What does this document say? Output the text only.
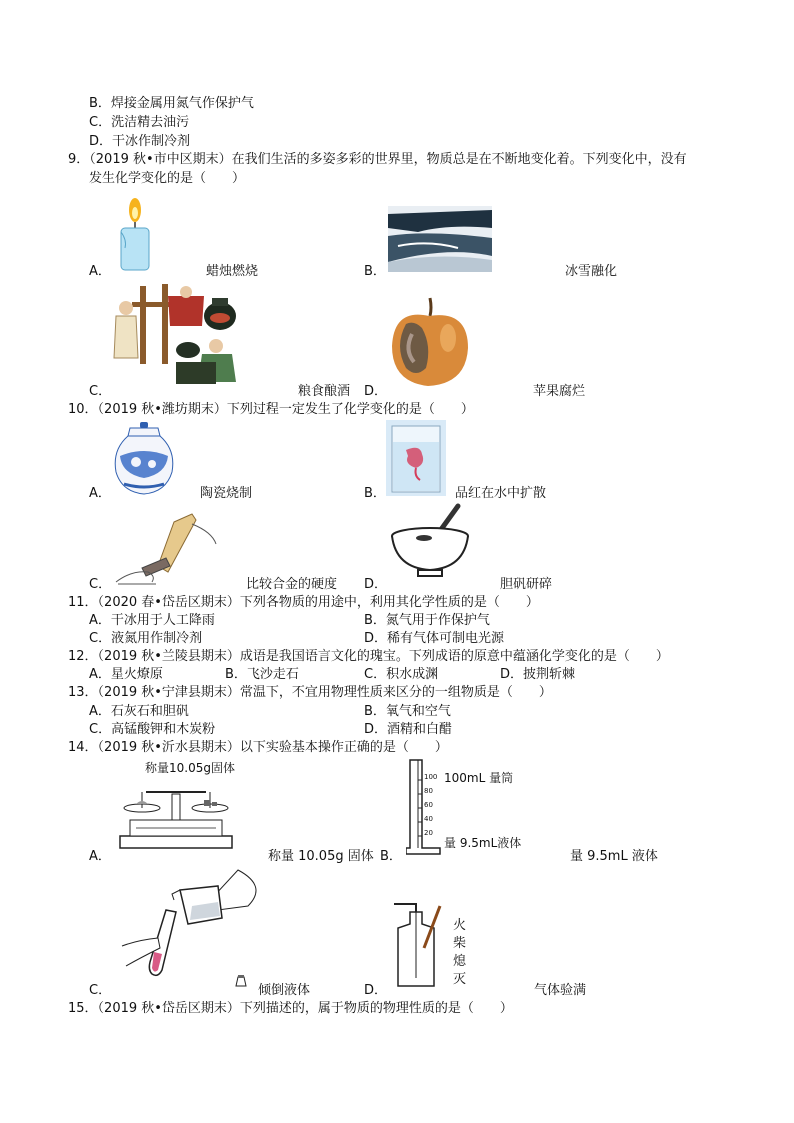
B．焊接金属用氮气作保护气
C．洗洁精去油污
D．干冰作制冷剂
9．（2019 秋•市中区期末）在我们生活的多姿多彩的世界里，物质总是在不断地变化着。下列变化中，没有
发生化学变化的是（　　）
A．	蜡烛燃烧	B．	冰雪融化
C．	粮食酿酒 D．	苹果腐烂
10．（2019 秋•潍坊期末）下列过程一定发生了化学变化的是（　　）
A．	陶瓷烧制	B．	品红在水中扩散
C．	比较合金的硬度 D．	胆矾研碎
11．（2020 春•岱岳区期末）下列各物质的用途中，利用其化学性质的是（　　）
A．干冰用于人工降雨	B．氮气用于作保护气
C．液氮用作制冷剂	D．稀有气体可制电光源
12．（2019 秋•兰陵县期末）成语是我国语言文化的瑰宝。下列成语的原意中蕴涵化学变化的是（　　）
A．星火燎原	B．飞沙走石	C．积水成渊	D．披荆斩棘
13．（2019 秋•宁津县期末）常温下，不宜用物理性质来区分的一组物质是（　　）
A．石灰石和胆矾	B．氧气和空气
C．高锰酸钾和木炭粉	D．酒精和白醋
14．（2019 秋•沂水县期末）以下实验基本操作正确的是（　　）
称量10.05g固体
A．	称量 10.05g 固体
100
80
60
40
20
100mL 量筒
量 9.5mL液体
B．	量 9.5mL 液体
C．	倾倒液体
火
柴
熄
灭
D．	气体验满
15．（2019 秋•岱岳区期末）下列描述的，属于物质的物理性质的是（　　）
